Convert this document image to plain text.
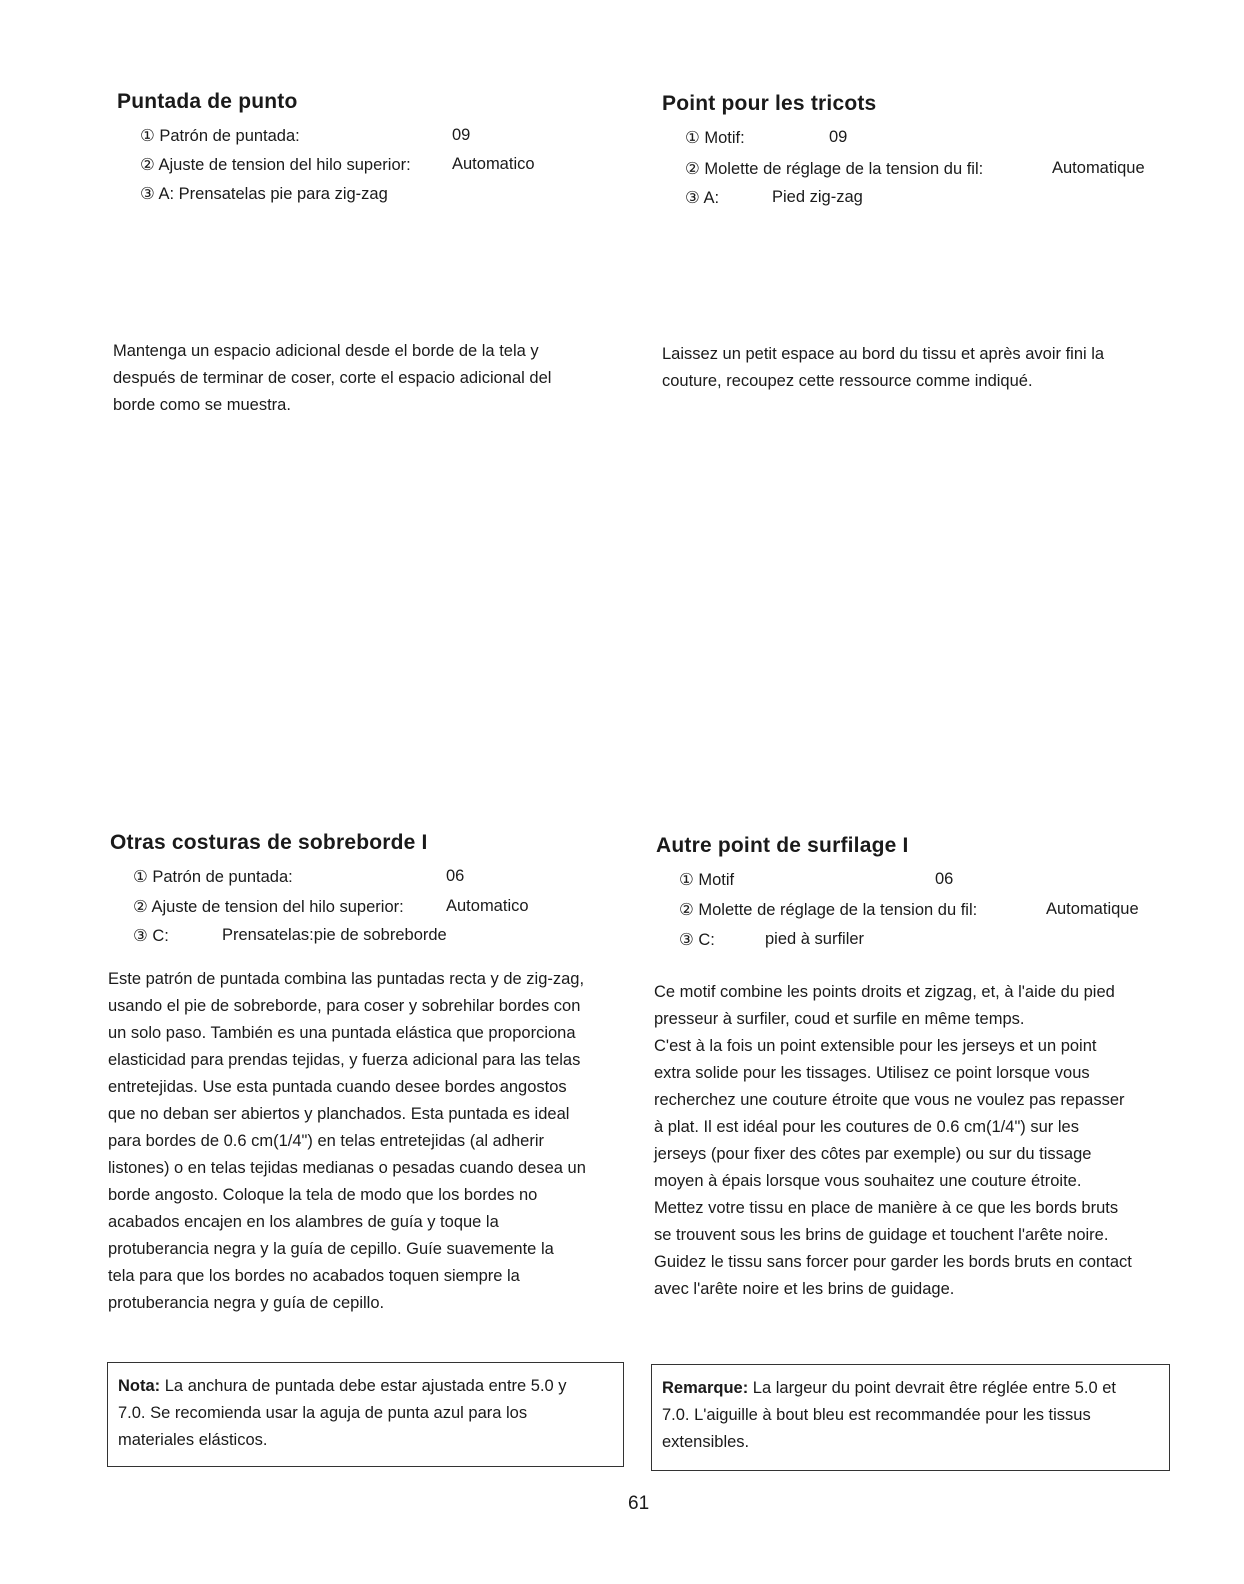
Puntada de punto
① Patrón de puntada:	09
② Ajuste de tension del hilo superior:	Automatico
③ A: Prensatelas pie para zig-zag
Mantenga un espacio adicional desde el borde de la tela y
después de terminar de coser, corte el espacio adicional del
borde como se muestra.
Point pour les tricots
① Motif:	09
② Molette de réglage de la tension du fil:	Automatique
③ A:	Pied zig-zag
Laissez un petit espace au bord du tissu et après avoir fini la
couture, recoupez cette ressource comme indiqué.
Otras costuras de sobreborde I
① Patrón de puntada:	06
② Ajuste de tension del hilo superior:	Automatico
③ C:	Prensatelas:pie de sobreborde
Este patrón de puntada combina las puntadas recta y de zig-zag,
usando el pie de sobreborde, para coser y sobrehilar bordes con
un solo paso. También es una puntada elástica que proporciona
elasticidad para prendas tejidas, y fuerza adicional para las telas
entretejidas. Use esta puntada cuando desee bordes angostos
que no deban ser abiertos y planchados. Esta puntada es ideal
para bordes de 0.6 cm(1/4") en telas entretejidas (al adherir
listones) o en telas tejidas medianas o pesadas cuando desea un
borde angosto. Coloque la tela de modo que los bordes no
acabados encajen en los alambres de guía y toque la
protuberancia negra y la guía de cepillo. Guíe suavemente la
tela para que los bordes no acabados toquen siempre la
protuberancia negra y guía de cepillo.
Nota: La anchura de puntada debe estar ajustada entre 5.0 y
7.0. Se recomienda usar la aguja de punta azul para los
materiales elásticos.
Autre point de surfilage I
① Motif	06
② Molette de réglage de la tension du fil:	Automatique
③ C:	pied à surfiler
Ce motif combine les points droits et zigzag, et, à l'aide du pied
presseur à surfiler, coud et surfile en même temps.
C'est à la fois un point extensible pour les jerseys et un point
extra solide pour les tissages. Utilisez ce point lorsque vous
recherchez une couture étroite que vous ne voulez pas repasser
à plat. Il est idéal pour les coutures de 0.6 cm(1/4") sur les
jerseys (pour fixer des côtes par exemple) ou sur du tissage
moyen à épais lorsque vous souhaitez une couture étroite.
Mettez votre tissu en place de manière à ce que les bords bruts
se trouvent sous les brins de guidage et touchent l'arête noire.
Guidez le tissu sans forcer pour garder les bords bruts en contact
avec l'arête noire et les brins de guidage.
Remarque: La largeur du point devrait être réglée entre 5.0 et
7.0. L'aiguille à bout bleu est recommandée pour les tissus
extensibles.
61
